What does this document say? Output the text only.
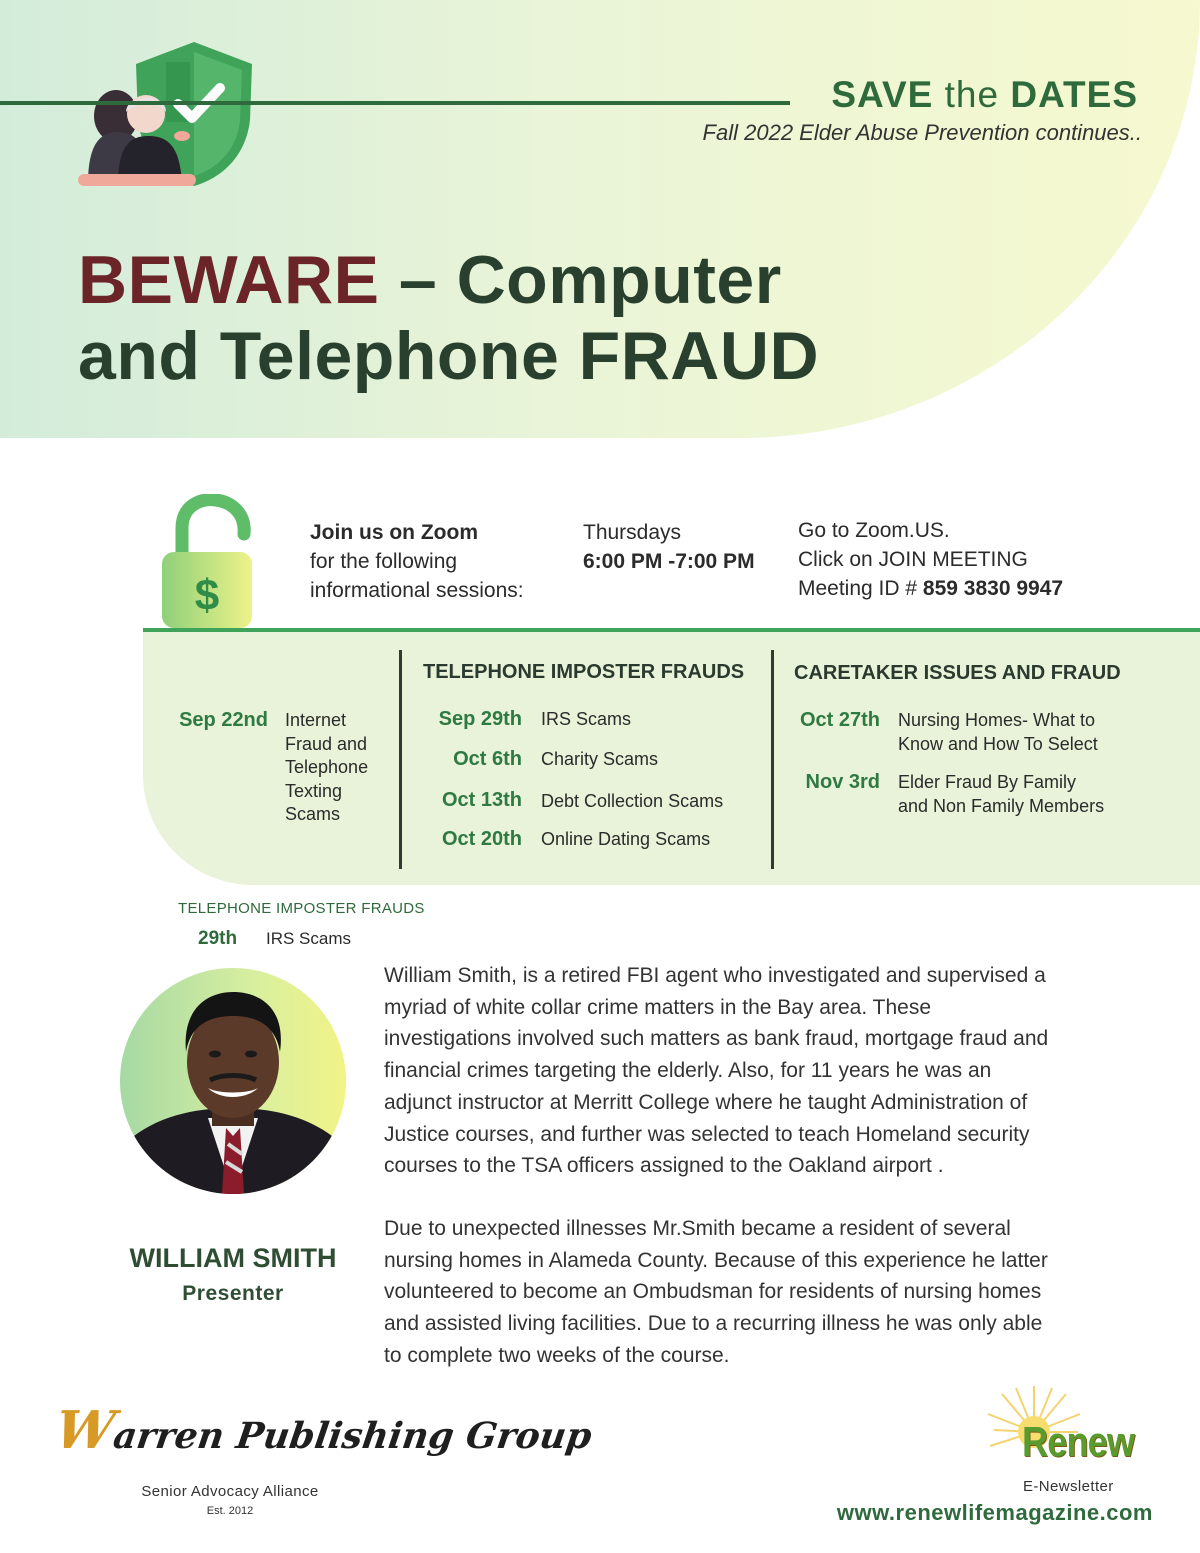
SAVE the DATES
Fall 2022 Elder Abuse Prevention continues..
BEWARE – Computer
and Telephone FRAUD
$
Join us on Zoom
for the following
informational sessions:
Thursdays
6:00 PM -7:00 PM
Go to Zoom.US.
Click on JOIN MEETING
Meeting ID # 859 3830 9947
Sep 22nd Internet
Fraud and
Telephone
Texting
Scams
TELEPHONE IMPOSTER FRAUDS
Sep 29th IRS Scams
Oct 6th Charity Scams
Oct 13th Debt Collection Scams
Oct 20th Online Dating Scams
CARETAKER ISSUES AND FRAUD
Oct 27th Nursing Homes- What to
Know and How To Select
Nov 3rd Elder Fraud By Family
and Non Family Members
TELEPHONE IMPOSTER FRAUDS
29th IRS Scams
WILLIAM SMITH
Presenter
William Smith, is a retired FBI agent who investigated and supervised a
myriad of white collar crime matters in the Bay area. These
investigations involved such matters as bank fraud, mortgage fraud and
financial crimes targeting the elderly. Also, for 11 years he was an
adjunct instructor at Merritt College where he taught Administration of
Justice courses, and further was selected to teach Homeland security
courses to the TSA officers assigned to the Oakland airport .
Due to unexpected illnesses Mr.Smith became a resident of several
nursing homes in Alameda County. Because of this experience he latter
volunteered to become an Ombudsman for residents of nursing homes
and assisted living facilities. Due to a recurring illness he was only able
to complete two weeks of the course.
Warren Publishing Group
Senior Advocacy Alliance
Est. 2012
Renew
E-Newsletter
www.renewlifemagazine.com
